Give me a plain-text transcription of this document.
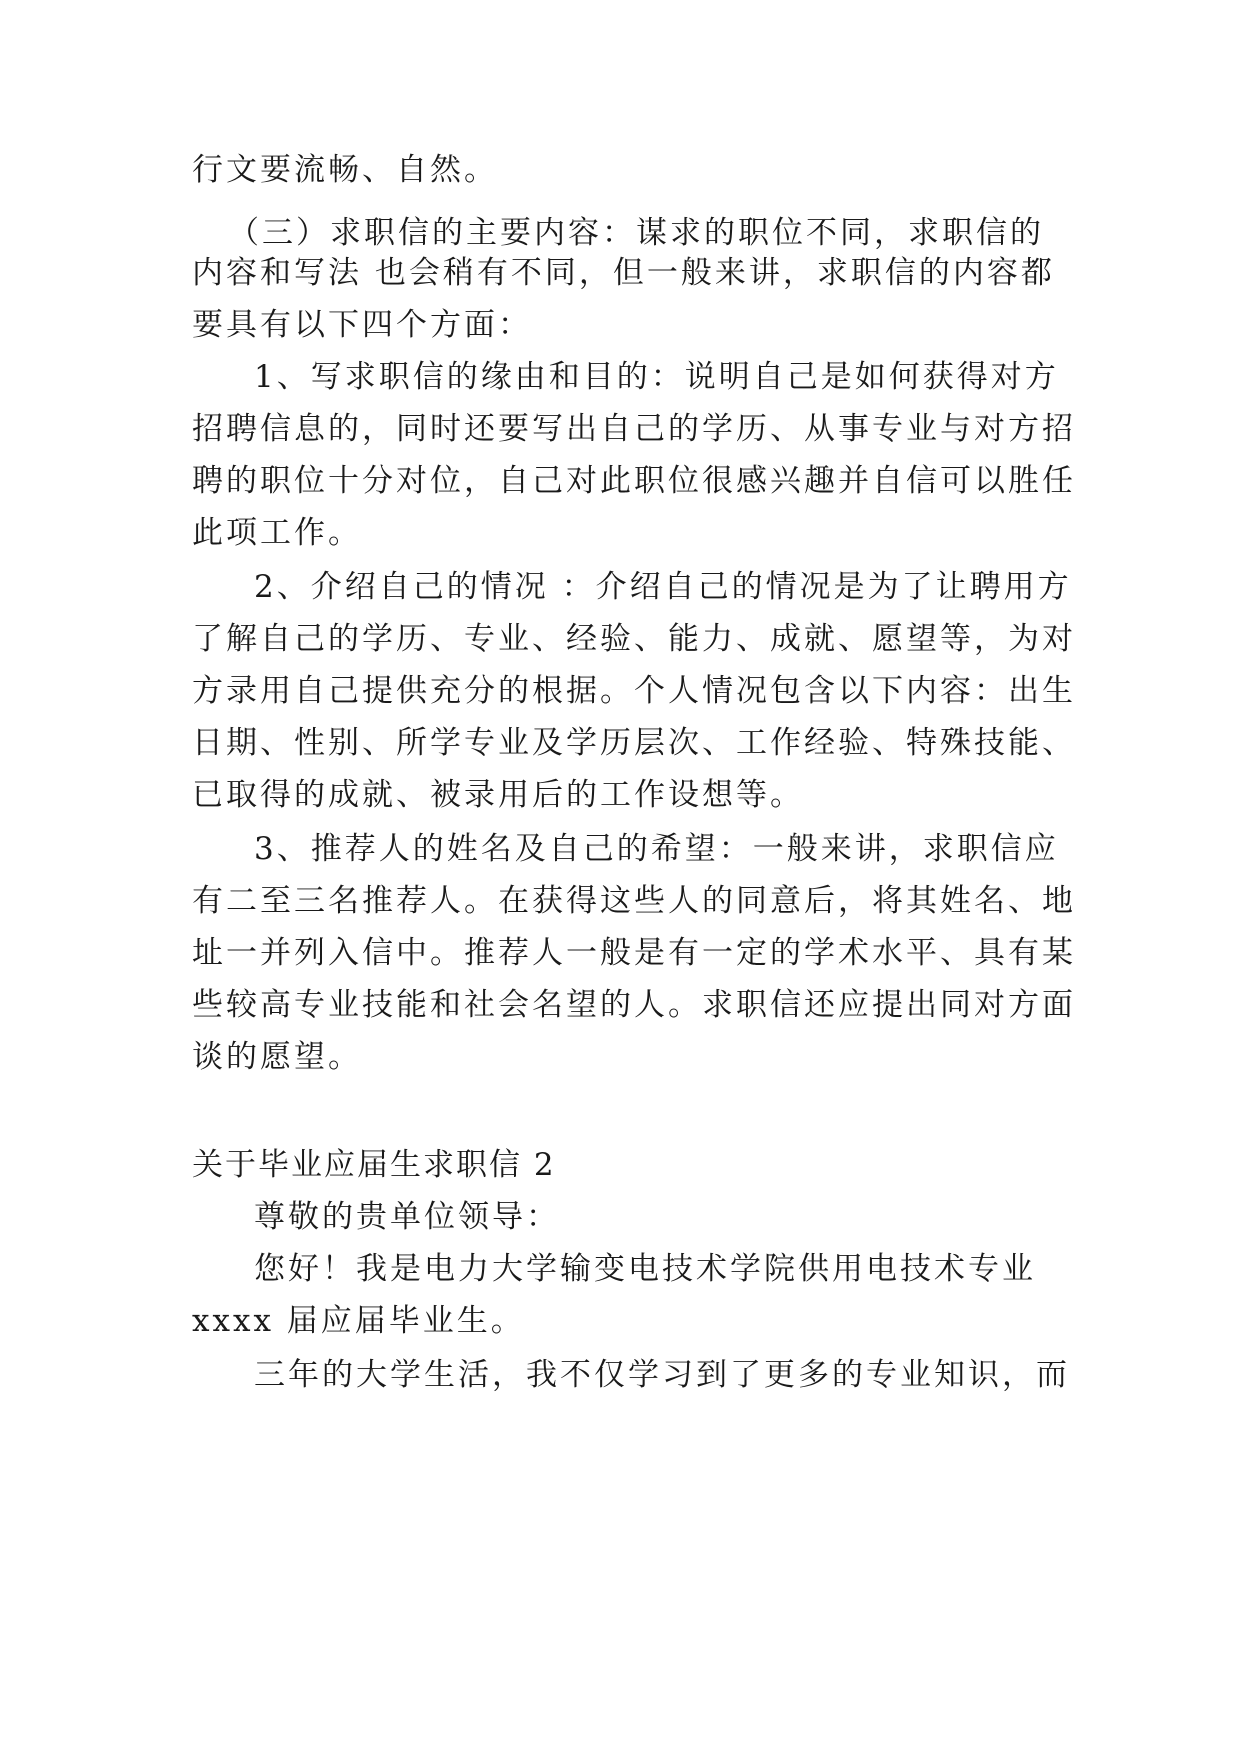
行文要流畅、自然。
（三）求职信的主要内容：谋求的职位不同，求职信的
内容和写法 也会稍有不同，但一般来讲，求职信的内容都
要具有以下四个方面：
1、写求职信的缘由和目的：说明自己是如何获得对方
招聘信息的，同时还要写出自己的学历、从事专业与对方招
聘的职位十分对位，自己对此职位很感兴趣并自信可以胜任
此项工作。
2、介绍自己的情况 ：介绍自己的情况是为了让聘用方
了解自己的学历、专业、经验、能力、成就、愿望等，为对
方录用自己提供充分的根据。个人情况包含以下内容：出生
日期、性别、所学专业及学历层次、工作经验、特殊技能、
已取得的成就、被录用后的工作设想等。
3、推荐人的姓名及自己的希望：一般来讲，求职信应
有二至三名推荐人。在获得这些人的同意后，将其姓名、地
址一并列入信中。推荐人一般是有一定的学术水平、具有某
些较高专业技能和社会名望的人。求职信还应提出同对方面
谈的愿望。
关于毕业应届生求职信 2
尊敬的贵单位领导：
您好！我是电力大学输变电技术学院供用电技术专业
xxxx 届应届毕业生。
三年的大学生活，我不仅学习到了更多的专业知识，而
